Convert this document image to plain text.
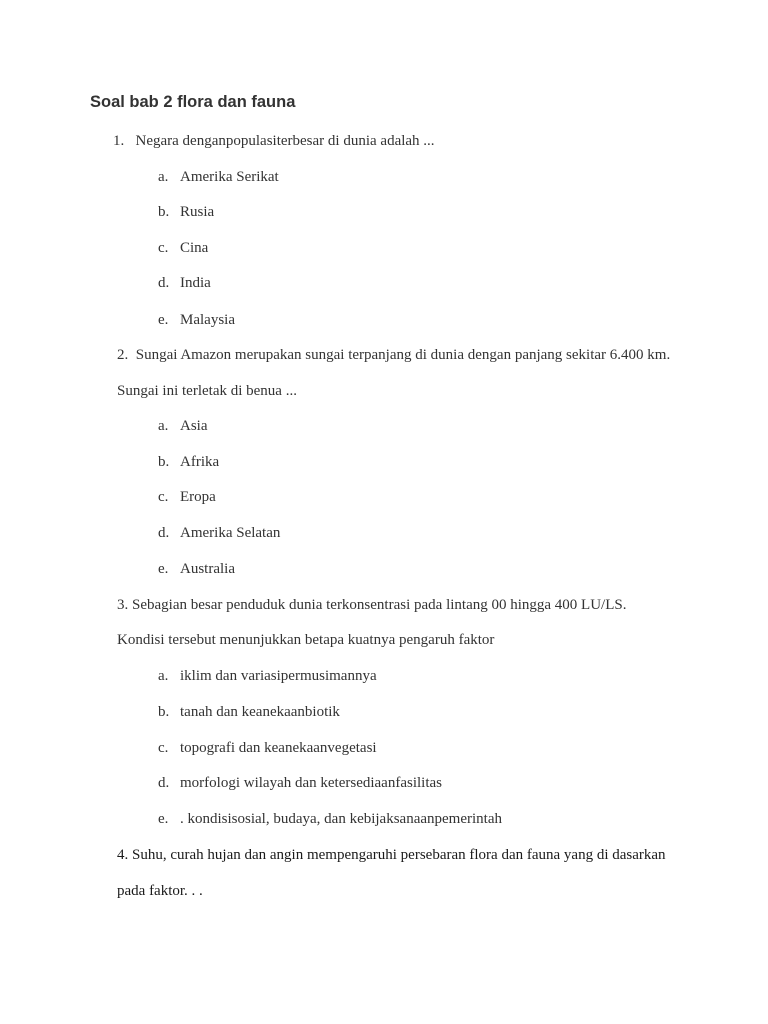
Soal bab 2 flora dan fauna
1. Negara denganpopulasiterbesar di dunia adalah ...
a. Amerika Serikat
b. Rusia
c. Cina
d. India
e. Malaysia
2. Sungai Amazon merupakan sungai terpanjang di dunia dengan panjang sekitar 6.400 km.
Sungai ini terletak di benua ...
a. Asia
b. Afrika
c. Eropa
d. Amerika Selatan
e. Australia
3. Sebagian besar penduduk dunia terkonsentrasi pada lintang 00 hingga 400 LU/LS.
Kondisi tersebut menunjukkan betapa kuatnya pengaruh faktor
a. iklim dan variasipermusimannya
b. tanah dan keanekaanbiotik
c. topografi dan keanekaanvegetasi
d. morfologi wilayah dan ketersediaanfasilitas
e. . kondisisosial, budaya, dan kebijaksanaanpemerintah
4. Suhu, curah hujan dan angin mempengaruhi persebaran flora dan fauna yang di dasarkan
pada faktor. . .
